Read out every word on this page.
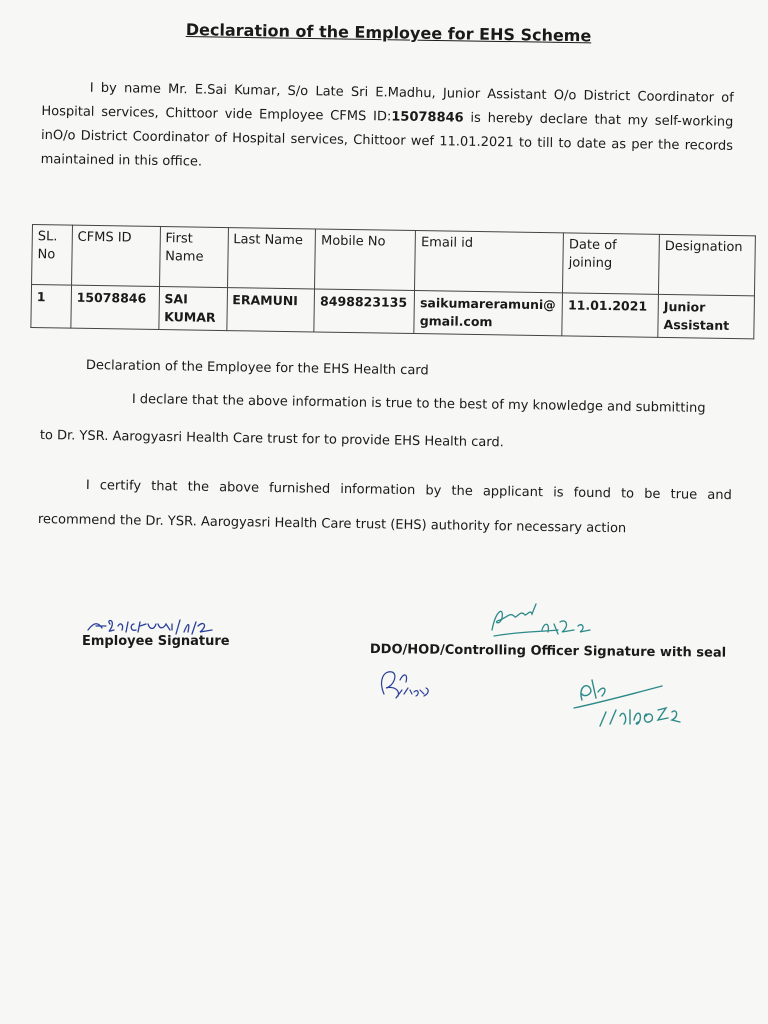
Declaration of the Employee for EHS Scheme
I by name Mr. E.Sai Kumar, S/o Late Sri E.Madhu, Junior Assistant O/o District Coordinator of Hospital services, Chittoor vide Employee CFMS ID:15078846 is hereby declare that my self-working inO/o District Coordinator of Hospital services, Chittoor wef 11.01.2021 to till to date as per the records maintained in this office.
SL. No	CFMS ID	First Name	Last Name	Mobile No	Email id	Date of joining	Designation
1	15078846	SAI KUMAR	ERAMUNI	8498823135	saikumareramuni@ gmail.com	11.01.2021	Junior Assistant
Declaration of the Employee for the EHS Health card
I declare that the above information is true to the best of my knowledge and submitting
to Dr. YSR. Aarogyasri Health Care trust for to provide EHS Health card.
I certify that the above furnished information by the applicant is found to be true and
recommend the Dr. YSR. Aarogyasri Health Care trust (EHS) authority for necessary action
Employee Signature
DDO/HOD/Controlling Officer Signature with seal
